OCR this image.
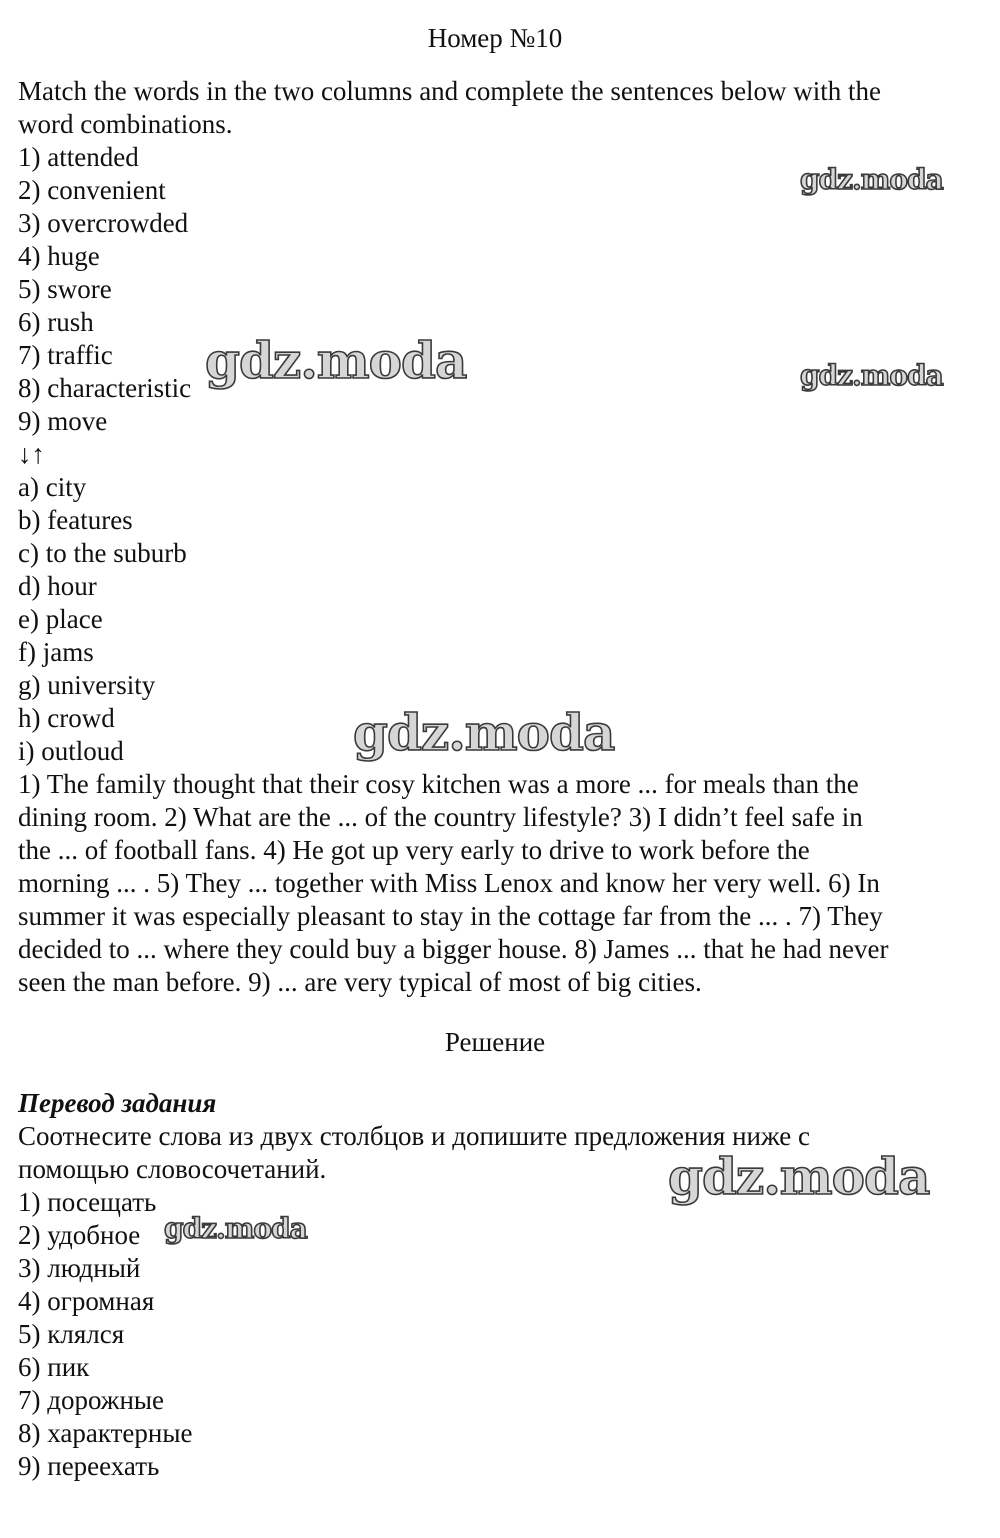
Номер №10

Match the words in the two columns and complete the sentences below with the

word combinations.

1) attended

2) convenient

3) overcrowded

4) huge

5) swore

6) rush

7) traffic

8) characteristic

9) move

↓↑

a) city

b) features

c) to the suburb

d) hour

e) place

f) jams

g) university

h) crowd

i) outloud

1) The family thought that their cosy kitchen was a more ... for meals than the

dining room. 2) What are the ... of the country lifestyle? 3) I didn’t feel safe in

the ... of football fans. 4) He got up very early to drive to work before the

morning ... . 5) They ... together with Miss Lenox and know her very well. 6) In

summer it was especially pleasant to stay in the cottage far from the ... . 7) They

decided to ... where they could buy a bigger house. 8) James ... that he had never

seen the man before. 9) ... are very typical of most of big cities.

Решение

Перевод задания

Соотнесите слова из двух столбцов и допишите предложения ниже с

помощью словосочетаний.

1) посещать

2) удобное

3) людный

4) огромная

5) клялся

6) пик

7) дорожные

8) характерные

9) переехать

gdz.moda
gdz.moda	gdz.moda
gdz.moda
gdz.moda
gdz.moda
